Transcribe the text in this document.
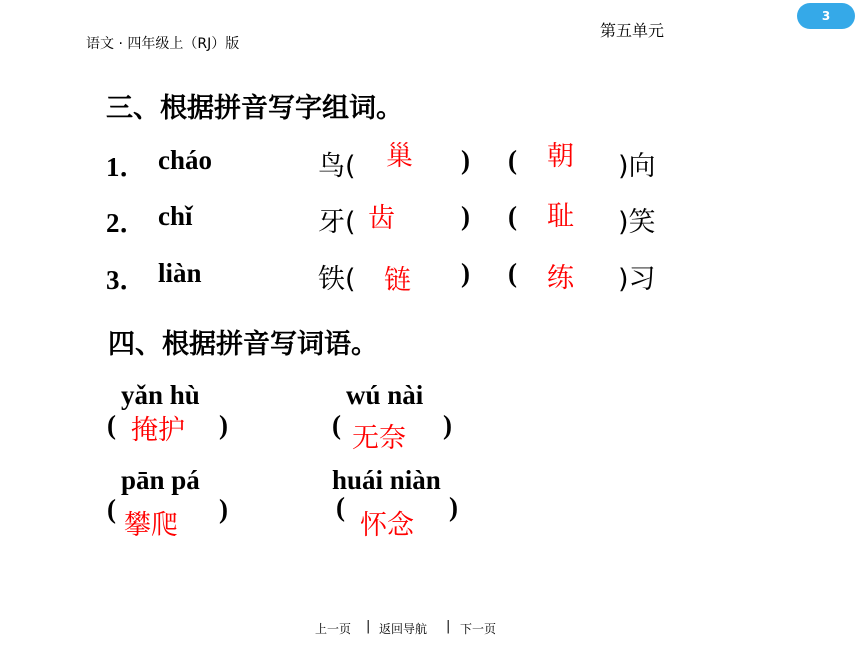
语文 · 四年级上（RJ）版
第五单元
3
三、根据拼音写字组词。
1． cháo	鸟( 巢 ) ( 朝 )向
2． chǐ	牙( 齿 ) ( 耻 )笑
3． liàn	铁( 链 ) ( 练 )习
四、根据拼音写词语。
yǎn hù
( 掩护 )
wú nài
( 无奈 )
pān pá
(
攀爬
)
huái niàn
(
怀念
)
上一页 | 返回导航 | 下一页
